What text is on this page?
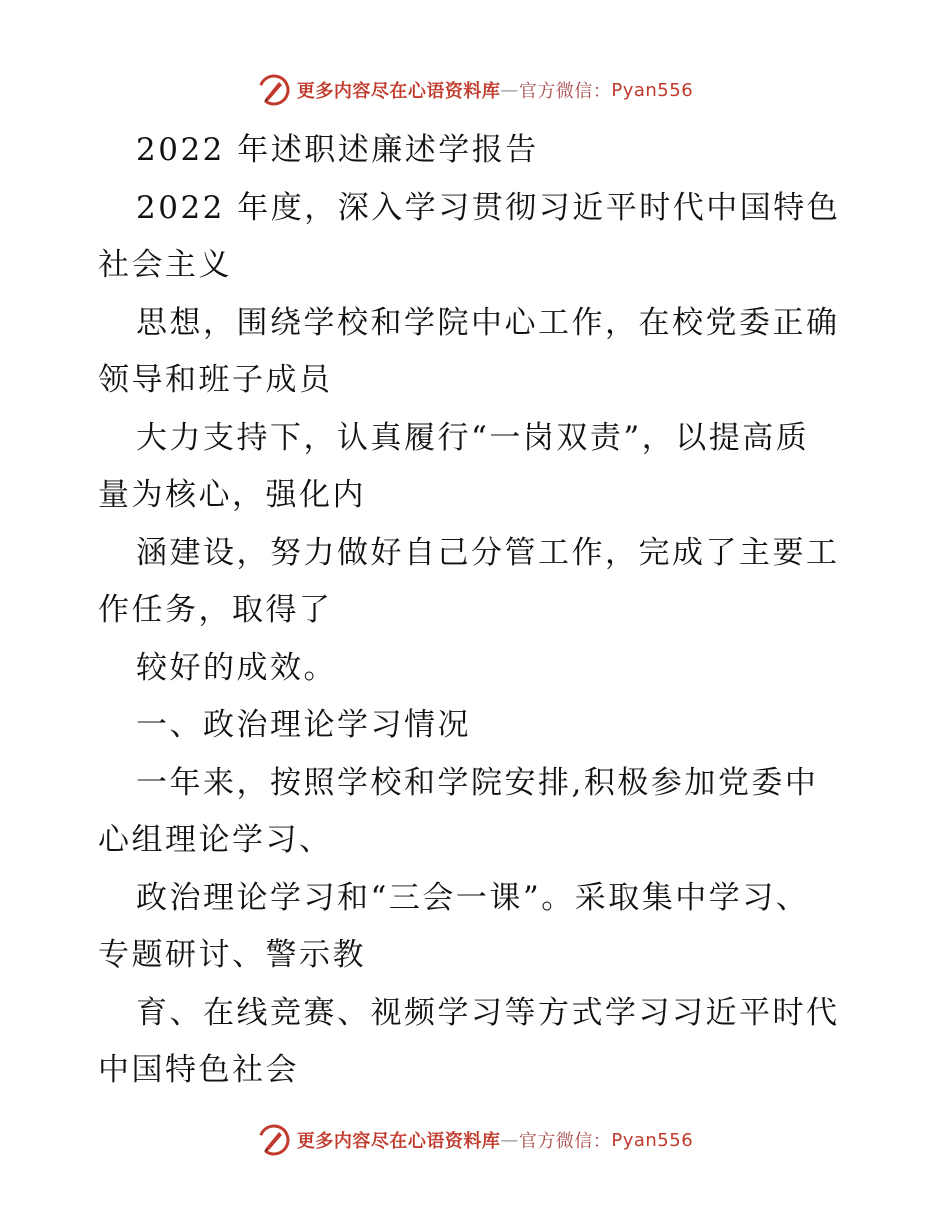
更多内容尽在心语资料库 — 官方微信： Pyan556
2022 年述职述廉述学报告
2022 年度，深入学习贯彻习近平时代中国特色
社会主义
思想，围绕学校和学院中心工作，在校党委正确
领导和班子成员
大力支持下，认真履行“一岗双责”，以提高质
量为核心，强化内
涵建设，努力做好自己分管工作，完成了主要工
作任务，取得了
较好的成效。
一、政治理论学习情况
一年来，按照学校和学院安排,积极参加党委中
心组理论学习、
政治理论学习和“三会一课”。采取集中学习、
专题研讨、警示教
育、在线竞赛、视频学习等方式学习习近平时代
中国特色社会
更多内容尽在心语资料库 — 官方微信： Pyan556
